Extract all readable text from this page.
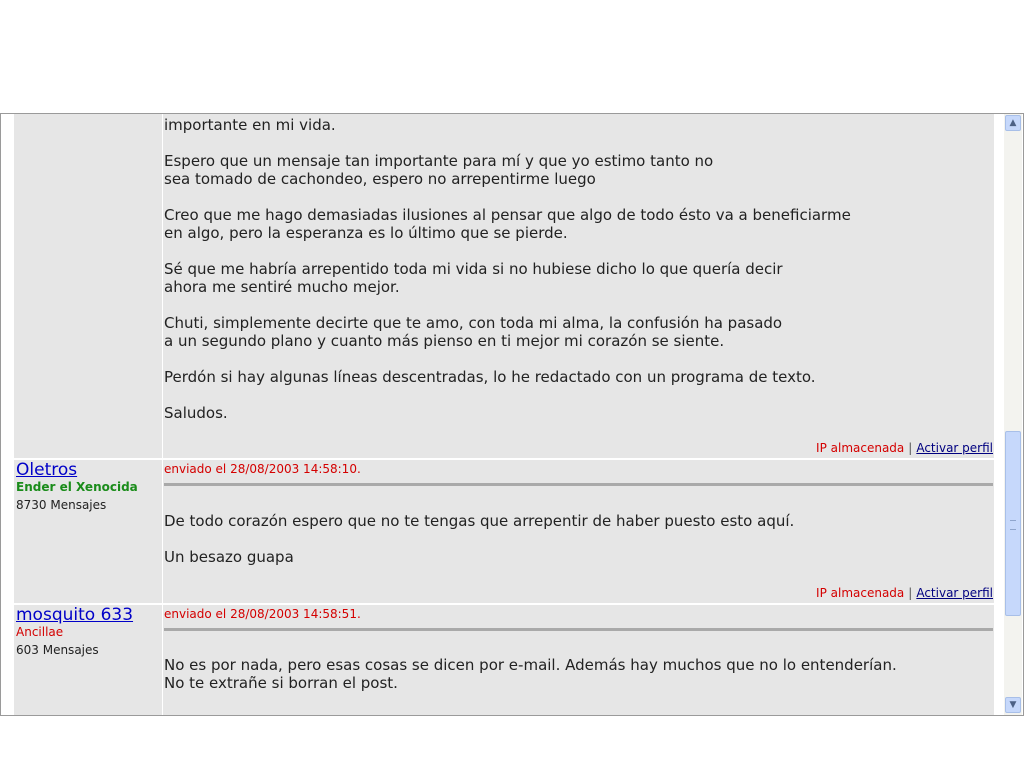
importante en mi vida.

Espero que un mensaje tan importante para mí y que yo estimo tanto no
sea tomado de cachondeo, espero no arrepentirme luego

Creo que me hago demasiadas ilusiones al pensar que algo de todo ésto va a beneficiarme
en algo, pero la esperanza es lo último que se pierde.

Sé que me habría arrepentido toda mi vida si no hubiese dicho lo que quería decir
ahora me sentiré mucho mejor.

Chuti, simplemente decirte que te amo, con toda mi alma, la confusión ha pasado
a un segundo plano y cuanto más pienso en ti mejor mi corazón se siente.

Perdón si hay algunas líneas descentradas, lo he redactado con un programa de texto.

Saludos.

IP almacenada | Activar perfil
Oletros
Ender el Xenocida
8730 Mensajes
enviado el 28/08/2003 14:58:10.

De todo corazón espero que no te tengas que arrepentir de haber puesto esto aquí.

Un besazo guapa

IP almacenada | Activar perfil
mosquito 633
Ancillae
603 Mensajes
enviado el 28/08/2003 14:58:51.

No es por nada, pero esas cosas se dicen por e-mail. Además hay muchos que no lo entenderían.
No te extrañe si borran el post.

▲
▼
